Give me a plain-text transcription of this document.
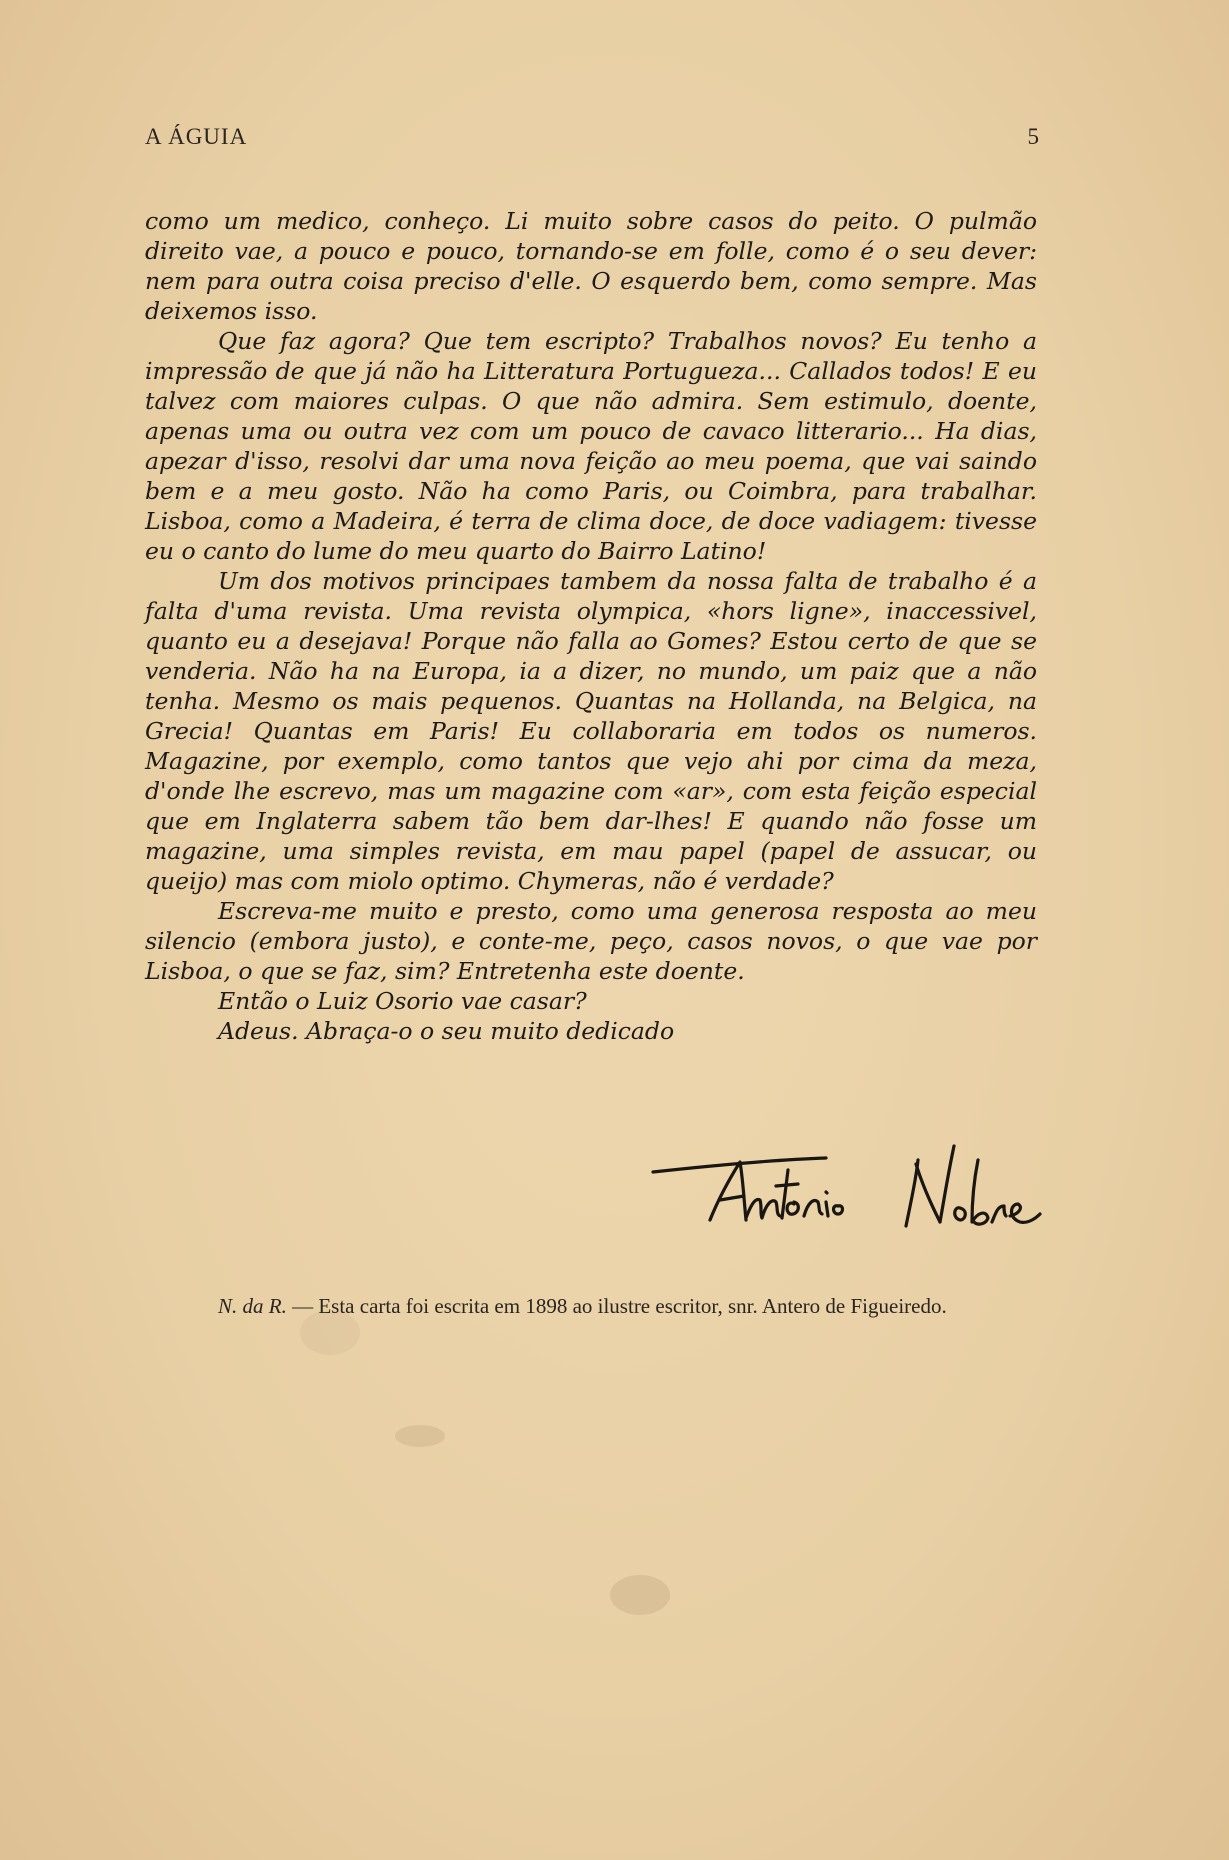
A ÁGUIA	5

como um medico, conheço. Li muito sobre casos do peito. O pulmão direito vae, a pouco e pouco, tornando-se em folle, como é o seu dever: nem para outra coisa preciso d'elle. O esquerdo bem, como sempre. Mas deixemos isso.

Que faz agora? Que tem escripto? Trabalhos novos? Eu tenho a impressão de que já não ha Litteratura Portugueza... Callados todos! E eu talvez com maiores culpas. O que não admira. Sem estimulo, doente, apenas uma ou outra vez com um pouco de cavaco litterario... Ha dias, apezar d'isso, resolvi dar uma nova feição ao meu poema, que vai saindo bem e a meu gosto. Não ha como Paris, ou Coimbra, para trabalhar. Lisboa, como a Madeira, é terra de clima doce, de doce vadiagem: tivesse eu o canto do lume do meu quarto do Bairro Latino!

Um dos motivos principaes tambem da nossa falta de trabalho é a falta d'uma revista. Uma revista olympica, «hors ligne», inaccessivel, quanto eu a desejava! Porque não falla ao Gomes? Estou certo de que se venderia. Não ha na Europa, ia a dizer, no mundo, um paiz que a não tenha. Mesmo os mais pequenos. Quantas na Hollanda, na Belgica, na Grecia! Quantas em Paris! Eu collaboraria em todos os numeros. Magazine, por exemplo, como tantos que vejo ahi por cima da meza, d'onde lhe escrevo, mas um magazine com «ar», com esta feição especial que em Inglaterra sabem tão bem dar-lhes! E quando não fosse um magazine, uma simples revista, em mau papel (papel de assucar, ou queijo) mas com miolo optimo. Chymeras, não é verdade?

Escreva-me muito e presto, como uma generosa resposta ao meu silencio (embora justo), e conte-me, peço, casos novos, o que vae por Lisboa, o que se faz, sim? Entretenha este doente.

Então o Luiz Osorio vae casar?

Adeus. Abraça-o o seu muito dedicado

N. da R. — Esta carta foi escrita em 1898 ao ilustre escritor, snr. Antero de Figueiredo.
